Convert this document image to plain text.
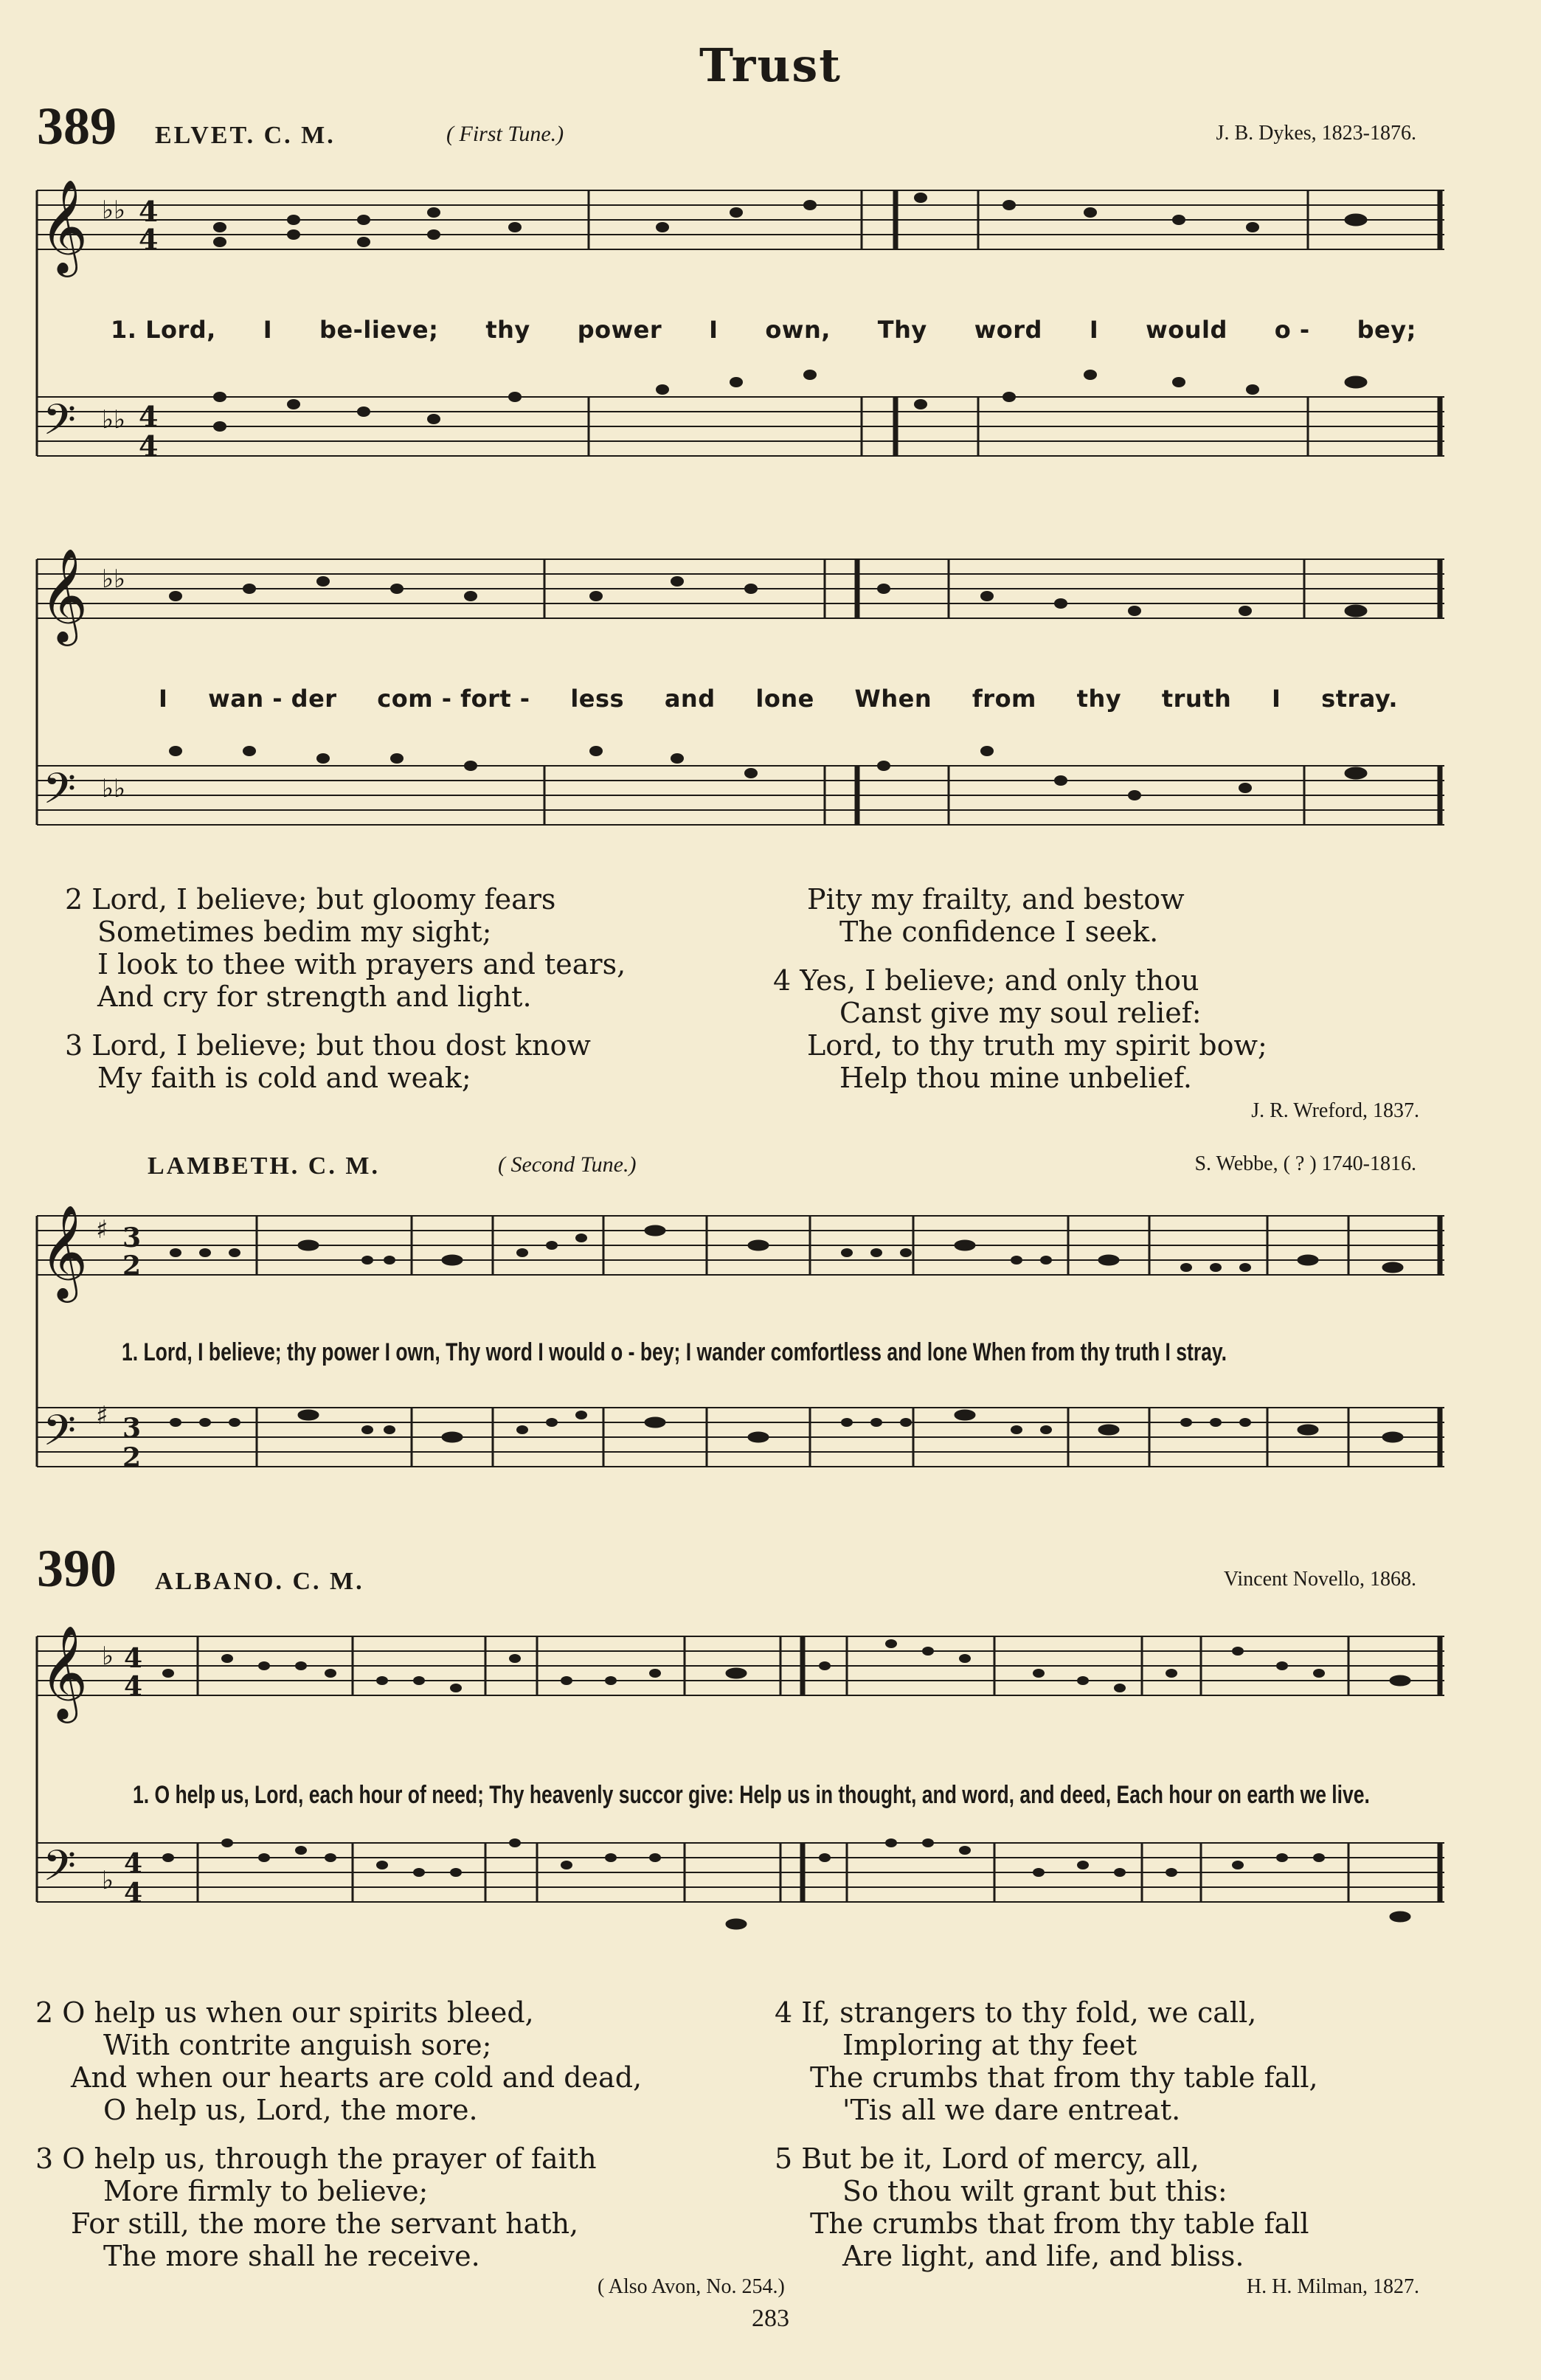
Trust
389 ELVET. C. M.	( First Tune.)	J. B. Dykes, 1823-1876.
𝄞
𝄢
4
4
4
4
♭♭
♭♭
1. Lord, I be-lieve; thy power I own, Thy word I would o - bey;
𝄞
𝄢
♭♭
♭♭
I wan - der com - fort - less and lone When from thy truth I stray.
2 Lord, I believe; but gloomy fears
Sometimes bedim my sight;
I look to thee with prayers and tears,
And cry for strength and light.
3 Lord, I believe; but thou dost know
My faith is cold and weak;
Pity my frailty, and bestow
The confidence I seek.
4 Yes, I believe; and only thou
Canst give my soul relief:
Lord, to thy truth my spirit bow;
Help thou mine unbelief.
J. R. Wreford, 1837.
LAMBETH. C. M.	( Second Tune.)	S. Webbe, ( ? ) 1740-1816.
𝄞
𝄢
♯
♯
3
2
3
2
1. Lord, I believe; thy power I own, Thy word I would o - bey; I wander comfortless and lone When from thy truth I stray.
390 ALBANO. C. M.	Vincent Novello, 1868.
𝄞
𝄢
♭
♭
4
4
4
4
1. O help us, Lord, each hour of need; Thy heavenly succor give: Help us in thought, and word, and deed, Each hour on earth we live.
2 O help us when our spirits bleed,
With contrite anguish sore;
And when our hearts are cold and dead,
O help us, Lord, the more.
3 O help us, through the prayer of faith
More firmly to believe;
For still, the more the servant hath,
The more shall he receive.
4 If, strangers to thy fold, we call,
Imploring at thy feet
The crumbs that from thy table fall,
'Tis all we dare entreat.
5 But be it, Lord of mercy, all,
So thou wilt grant but this:
The crumbs that from thy table fall
Are light, and life, and bliss.
( Also Avon, No. 254.)	H. H. Milman, 1827.
283
